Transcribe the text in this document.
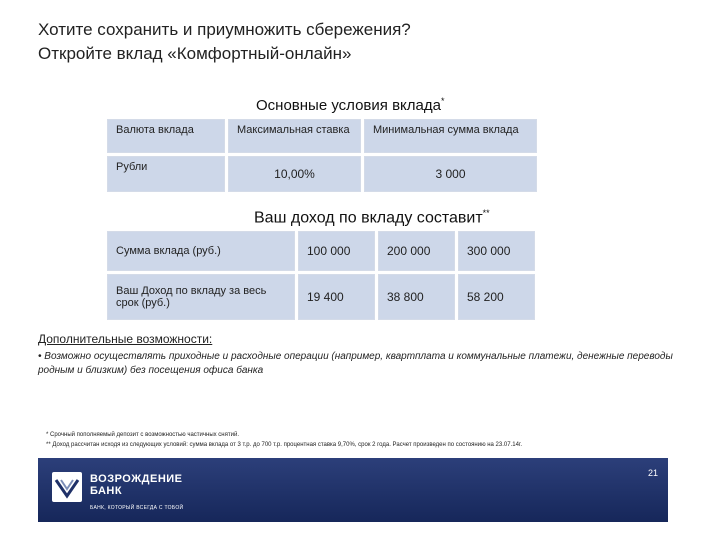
Хотите сохранить и приумножить сбережения?
Откройте вклад «Комфортный-онлайн»
Основные условия вклада*
Валюта вклада	Максимальная ставка	Минимальная сумма вклада
Рубли	10,00%	3 000
Ваш доход по вкладу составит**
Сумма вклада (руб.)	100 000	200 000	300 000
Ваш Доход по вкладу за весь срок (руб.)	19 400	38 800	58 200
Дополнительные возможности:
• Возможно осуществлять приходные и расходные операции (например, квартплата и коммунальные платежи, денежные переводы родным и близким) без посещения офиса банка
* Срочный пополняемый депозит с возможностью частичных снятий.
** Доход рассчитан исходя из следующих условий: сумма вклада от 3 т.р. до 700 т.р. процентная ставка 9,70%, срок 2 года. Расчет произведен по состоянию на 23.07.14г.
ВОЗРОЖДЕНИЕ
БАНК
БАНК, КОТОРЫЙ ВСЕГДА С ТОБОЙ
21
